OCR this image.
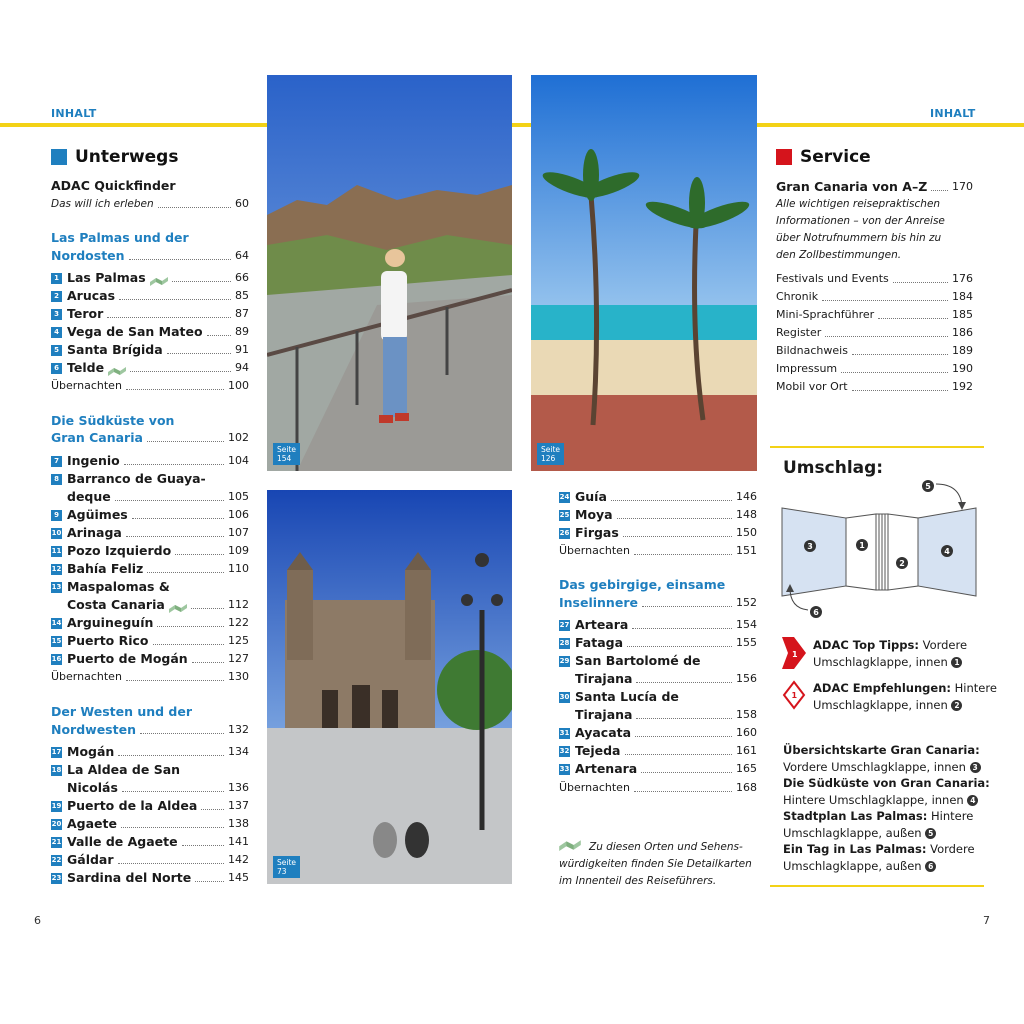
INHALT	INHALT
Unterwegs
ADAC Quickfinder
Das will ich erleben	60
Las Palmas und der
Nordosten	64
1 Las Palmas	66
2 Arucas	85
3 Teror	87
4 Vega de San Mateo	89
5 Santa Brígida	91
6 Telde	94
Übernachten	100
Die Südküste von
Gran Canaria	102
7 Ingenio	104
8 Barranco de Guaya-
deque	105
9 Agüimes	106
10 Arinaga	107
11 Pozo Izquierdo	109
12 Bahía Feliz	110
13 Maspalomas &
Costa Canaria	112
14 Arguineguín	122
15 Puerto Rico	125
16 Puerto de Mogán	127
Übernachten	130
Der Westen und der
Nordwesten	132
17 Mogán	134
18 La Aldea de San
Nicolás	136
19 Puerto de la Aldea	137
20 Agaete	138
21 Valle de Agaete	141
22 Gáldar	142
23 Sardina del Norte	145
Seite
154
Seite
126
Seite
73
24 Guía	146
25 Moya	148
26 Firgas	150
Übernachten	151
Das gebirgige, einsame
Inselinnere	152
27 Arteara	154
28 Fataga	155
29 San Bartolomé de
Tirajana	156
30 Santa Lucía de
Tirajana	158
31 Ayacata	160
32 Tejeda	161
33 Artenara	165
Übernachten	168
Zu diesen Orten und Sehens-
würdigkeiten finden Sie Detailkarten
im Innenteil des Reiseführers.
Service
Gran Canaria von A–Z 170
Alle wichtigen reisepraktischen
Informationen – von der Anreise
über Notrufnummern bis hin zu
den Zollbestimmungen.
Festivals und Events	176
Chronik	184
Mini-Sprachführer	185
Register	186
Bildnachweis	189
Impressum	190
Mobil vor Ort	192
Umschlag:
3	1
2
4
5
6
1
ADAC Top Tipps: Vordere
Umschlagklappe, innen 1
1
ADAC Empfehlungen: Hintere
Umschlagklappe, innen 2
Übersichtskarte Gran Canaria:
Vordere Umschlagklappe, innen 3
Die Südküste von Gran Canaria:
Hintere Umschlagklappe, innen 4
Stadtplan Las Palmas: Hintere
Umschlagklappe, außen 5
Ein Tag in Las Palmas: Vordere
Umschlagklappe, außen 6
6	7
